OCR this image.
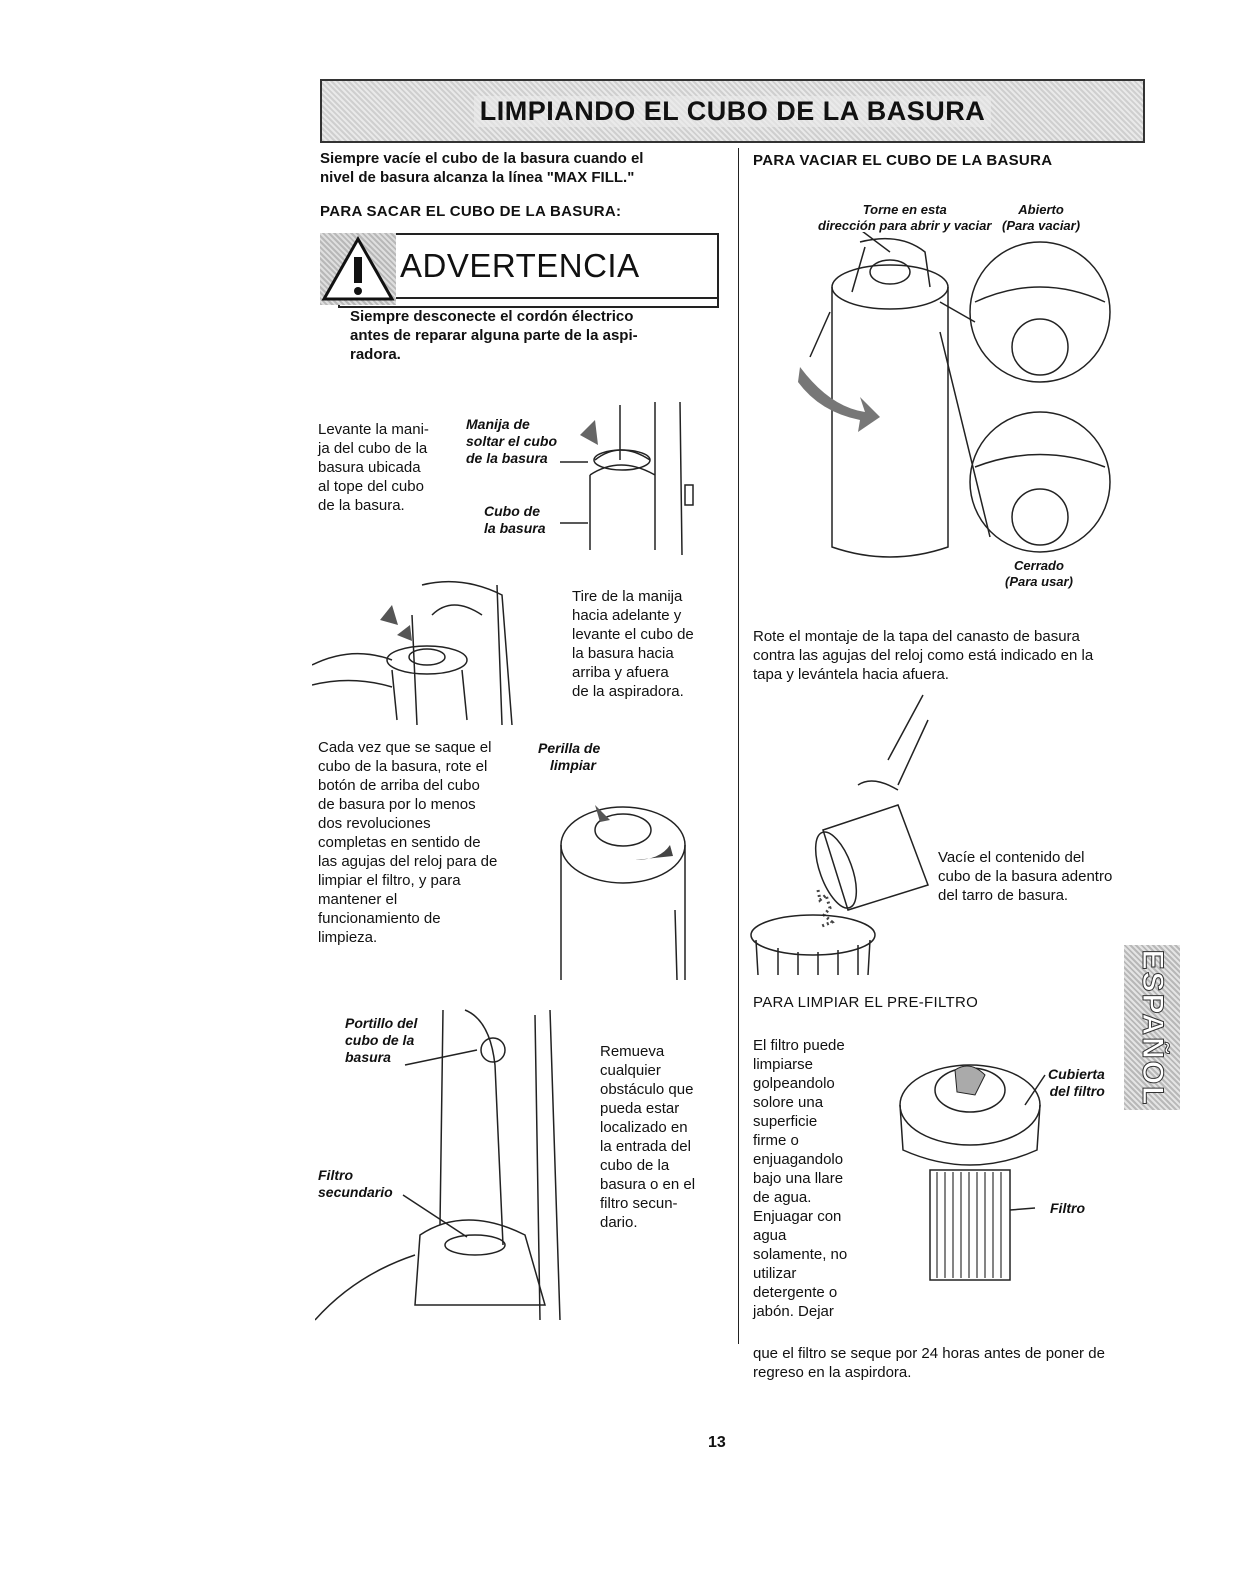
LIMPIANDO EL CUBO DE LA BASURA
Siempre vacíe el cubo de la basura cuando el
nivel de basura alcanza la línea "MAX FILL."
PARA SACAR EL CUBO DE LA BASURA:
ADVERTENCIA
Siempre desconecte el cordón électrico
antes de reparar alguna parte de la aspi-
radora.
Levante la mani-
ja del cubo de la
basura ubicada
al tope del cubo
de la basura.
Manija de
soltar el cubo
de la basura
Cubo de
la basura
Tire de la manija
hacia adelante y
levante el cubo de
la basura hacia
arriba y afuera
de la aspiradora.
Cada vez que se saque el
cubo de la basura, rote el
botón de arriba del cubo
de basura por lo menos
dos revoluciones
completas en sentido de
las agujas del reloj para de
limpiar el filtro, y para
mantener el
funcionamiento de
limpieza.
Perilla de
limpiar
Portillo del
cubo de la
basura
Filtro
secundario
Remueva
cualquier
obstáculo que
pueda estar
localizado en
la entrada del
cubo de la
basura o en el
filtro secun-
dario.
PARA VACIAR EL CUBO DE LA BASURA
Torne en esta
dirección para abrir y vaciar
Abierto
(Para vaciar)
Cerrado
(Para usar)
Rote el montaje de la tapa del canasto de basura
contra las agujas del reloj como está indicado en la
tapa y levántela hacia afuera.
Vacíe el contenido del
cubo de la basura adentro
del tarro de basura.
PARA LIMPIAR EL PRE-FILTRO
El filtro puede
limpiarse
golpeandolo
solore una
superficie
firme o
enjuagandolo
bajo una llare
de agua.
Enjuagar con
agua
solamente, no
utilizar
detergente o
jabón. Dejar
que el filtro se seque por 24 horas antes de poner de
regreso en la aspirdora.
Cubierta
del filtro
Filtro
ESPAÑOL
13
